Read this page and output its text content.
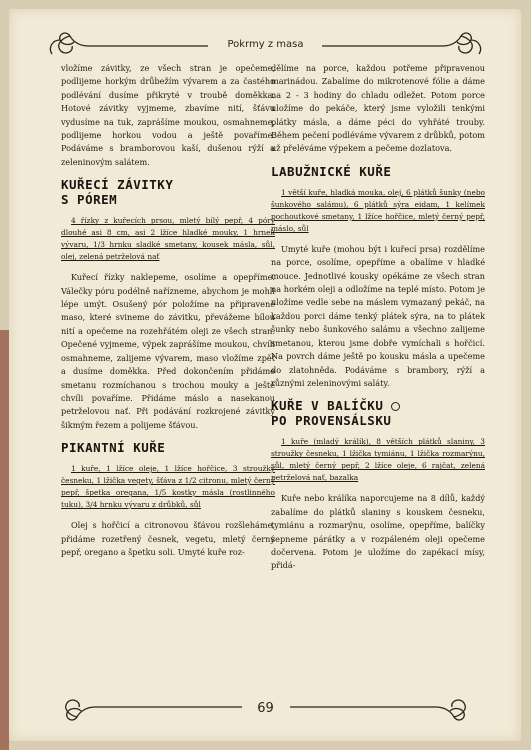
Pokrmy z masa
69

vložíme závitky, ze všech stran je opečeme, podlijeme horkým drůbežím vývarem a za častého podlévání dusíme přikryté v troubě doměkka. Hotové závitky vyjmeme, zbavíme nití, šťávu vydusíme na tuk, zaprášíme moukou, osmahneme, podlijeme horkou vodou a ještě povaříme. Podáváme s bramborovou kaší, dušenou rýží a zeleninovým salátem.

KUŘECÍ ZÁVITKY
S PÓREM

4 řízky z kuřecích prsou, mletý bílý pepř, 4 póry dlouhé asi 8 cm, asi 2 lžíce hladké mouky, 1 hrnek vývaru, 1/3 hrnku sladké smetany, kousek másla, sůl, olej, zelená petrželová nať

Kuřecí řízky naklepeme, osolíme a opepříme. Válečky póru podélně nařízneme, abychom je mohli lépe umýt. Osušený pór položíme na připravené maso, které svineme do závitku, převážeme bílou nití a opečeme na rozehřátém oleji ze všech stran. Opečené vyjmeme, výpek zaprášíme moukou, chvíli osmahneme, zalijeme vývarem, maso vložíme zpět a dusíme doměkka. Před dokončením přidáme smetanu rozmíchanou s trochou mouky a ještě chvíli povaříme. Přidáme máslo a nasekanou petrželovou nať. Při podávání rozkrojené závitky šikmým řezem a polijeme šťávou.

PIKANTNÍ KUŘE

1 kuře, 1 lžíce oleje, 1 lžíce hořčice, 3 stroužky česneku, 1 lžička vegety, šťáva z 1/2 citronu, mletý černý pepř, špetka oregana, 1/5 kostky másla (rostlinného tuku), 3/4 hrnku vývaru z drůbků, sůl

Olej s hořčicí a citronovou šťávou rozšleháme, přidáme rozetřený česnek, vegetu, mletý černý pepř, oregano a špetku soli. Umyté kuře roz-

dělíme na porce, každou potřeme připravenou marinádou. Zabalíme do mikrotenové fólie a dáme na 2 - 3 hodiny do chladu odležet. Potom porce uložíme do pekáče, který jsme vyložili tenkými plátky másla, a dáme péci do vyhřáté trouby. Během pečení podléváme vývarem z drůbků, potom už přeléváme výpekem a pečeme dozlatova.

LABUŽNICKÉ KUŘE

1 větší kuře, hladká mouka, olej, 6 plátků šunky (nebo šunkového salámu), 6 plátků sýra eidam, 1 kelímek pochoutkové smetany, 1 lžíce hořčice, mletý černý pepř, máslo, sůl

Umyté kuře (mohou být i kuřecí prsa) rozdělíme na porce, osolíme, opepříme a obalíme v hladké mouce. Jednotlivé kousky opékáme ze všech stran na horkém oleji a odložíme na teplé místo. Potom je uložíme vedle sebe na máslem vymazaný pekáč, na každou porci dáme tenký plátek sýra, na to plátek šunky nebo šunkového salámu a všechno zalijeme smetanou, kterou jsme dobře vymíchali s hořčicí. Na povrch dáme ještě po kousku másla a upečeme do zlatohněda. Podáváme s brambory, rýží a různými zeleninovými saláty.

KUŘE V BALÍČKU
PO PROVENSÁLSKU

1 kuře (mladý králík), 8 větších plátků slaniny, 3 stroužky česneku, 1 lžička tymiánu, 1 lžička rozmarýnu, sůl, mletý černý pepř, 2 lžíce oleje, 6 rajčat, zelená petrželová nať, bazalka

Kuře nebo králíka naporcujeme na 8 dílů, každý zabalíme do plátků slaniny s kouskem česneku, tymiánu a rozmarýnu, osolíme, opepříme, balíčky sepneme párátky a v rozpáleném oleji opečeme dočervena. Potom je uložíme do zapékací mísy, přidá-
